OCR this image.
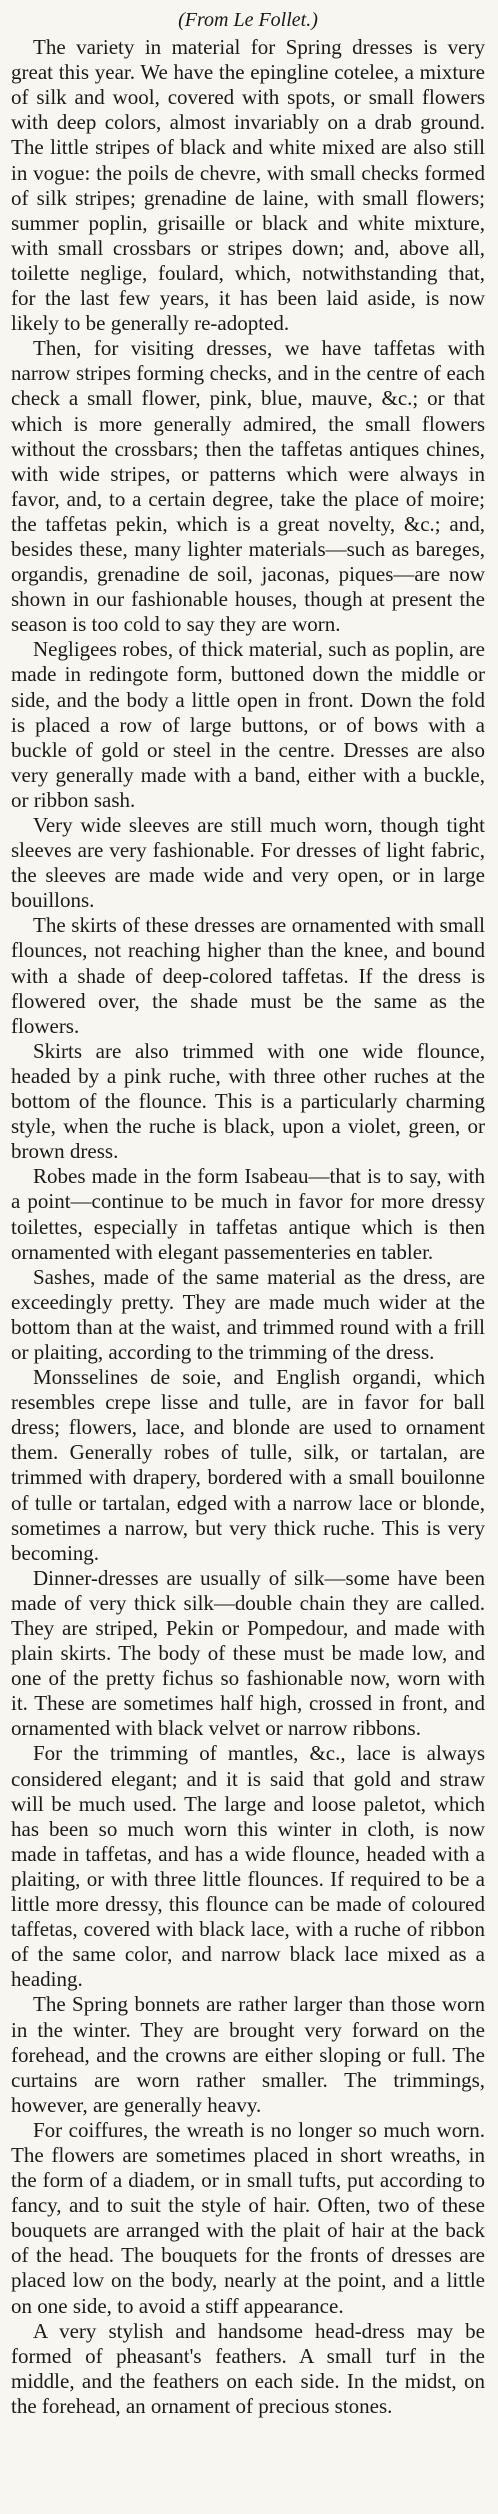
(From Le Follet.)

The variety in material for Spring dresses is very great this year. We have the epingline cotelee, a mixture of silk and wool, covered with spots, or small flowers with deep colors, almost invariably on a drab ground. The little stripes of black and white mixed are also still in vogue: the poils de chevre, with small checks formed of silk stripes; grenadine de laine, with small flowers; summer poplin, grisaille or black and white mixture, with small crossbars or stripes down; and, above all, toilette neglige, foulard, which, notwithstanding that, for the last few years, it has been laid aside, is now likely to be generally re-adopted.

Then, for visiting dresses, we have taffetas with narrow stripes forming checks, and in the centre of each check a small flower, pink, blue, mauve, &c.; or that which is more generally admired, the small flowers without the crossbars; then the taffetas antiques chines, with wide stripes, or patterns which were always in favor, and, to a certain degree, take the place of moire; the taffetas pekin, which is a great novelty, &c.; and, besides these, many lighter materials—such as bareges, organdis, grenadine de soil, jaconas, piques—are now shown in our fashionable houses, though at present the season is too cold to say they are worn.

Negligees robes, of thick material, such as poplin, are made in redingote form, buttoned down the middle or side, and the body a little open in front. Down the fold is placed a row of large buttons, or of bows with a buckle of gold or steel in the centre. Dresses are also very generally made with a band, either with a buckle, or ribbon sash.

Very wide sleeves are still much worn, though tight sleeves are very fashionable. For dresses of light fabric, the sleeves are made wide and very open, or in large bouillons.

The skirts of these dresses are ornamented with small flounces, not reaching higher than the knee, and bound with a shade of deep-colored taffetas. If the dress is flowered over, the shade must be the same as the flowers.

Skirts are also trimmed with one wide flounce, headed by a pink ruche, with three other ruches at the bottom of the flounce. This is a particularly charming style, when the ruche is black, upon a violet, green, or brown dress.

Robes made in the form Isabeau—that is to say, with a point—continue to be much in favor for more dressy toilettes, especially in taffetas antique which is then ornamented with elegant passementeries en tabler.

Sashes, made of the same material as the dress, are exceedingly pretty. They are made much wider at the bottom than at the waist, and trimmed round with a frill or plaiting, according to the trimming of the dress.

Monsselines de soie, and English organdi, which resembles crepe lisse and tulle, are in favor for ball dress; flowers, lace, and blonde are used to ornament them. Generally robes of tulle, silk, or tartalan, are trimmed with drapery, bordered with a small bouilonne of tulle or tartalan, edged with a narrow lace or blonde, sometimes a narrow, but very thick ruche. This is very becoming.

Dinner-dresses are usually of silk—some have been made of very thick silk—double chain they are called. They are striped, Pekin or Pompedour, and made with plain skirts. The body of these must be made low, and one of the pretty fichus so fashionable now, worn with it. These are sometimes half high, crossed in front, and ornamented with black velvet or narrow ribbons.

For the trimming of mantles, &c., lace is always considered elegant; and it is said that gold and straw will be much used. The large and loose paletot, which has been so much worn this winter in cloth, is now made in taffetas, and has a wide flounce, headed with a plaiting, or with three little flounces. If required to be a little more dressy, this flounce can be made of coloured taffetas, covered with black lace, with a ruche of ribbon of the same color, and narrow black lace mixed as a heading.

The Spring bonnets are rather larger than those worn in the winter. They are brought very forward on the forehead, and the crowns are either sloping or full. The curtains are worn rather smaller. The trimmings, however, are generally heavy.

For coiffures, the wreath is no longer so much worn. The flowers are sometimes placed in short wreaths, in the form of a diadem, or in small tufts, put according to fancy, and to suit the style of hair. Often, two of these bouquets are arranged with the plait of hair at the back of the head. The bouquets for the fronts of dresses are placed low on the body, nearly at the point, and a little on one side, to avoid a stiff appearance.

A very stylish and handsome head-dress may be formed of pheasant's feathers. A small turf in the middle, and the feathers on each side. In the midst, on the forehead, an ornament of precious stones.
